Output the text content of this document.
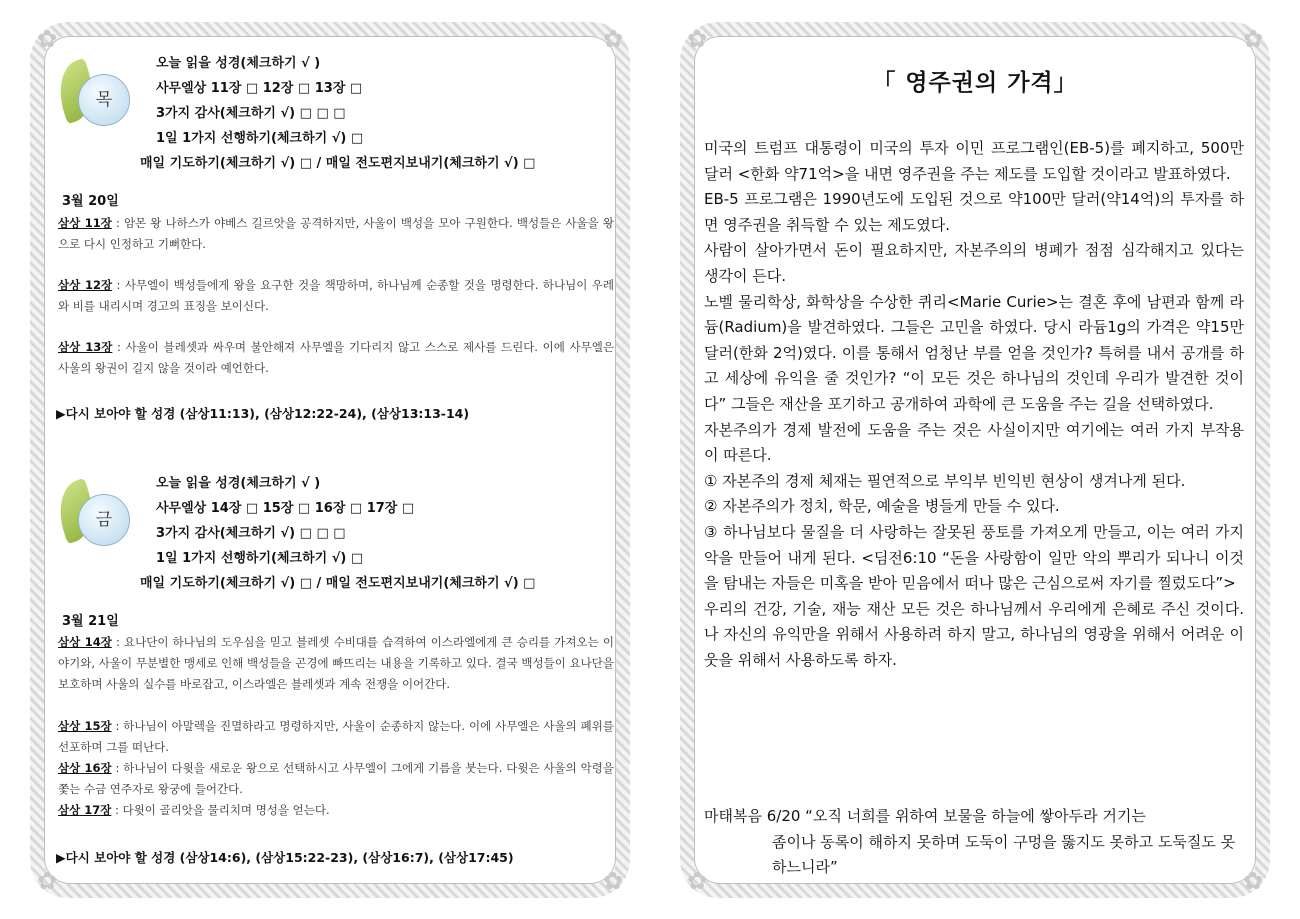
✿	✿
✿	✿
목
오늘 읽을 성경(체크하기 √ )
사무엘상 11장 □ 12장 □ 13장 □
3가지 감사(체크하기 √) □ □ □
1일 1가지 선행하기(체크하기 √) □
매일 기도하기(체크하기 √) □ / 매일 전도편지보내기(체크하기 √) □
3월 20일
삼상 11장 : 암몬 왕 나하스가 야베스 길르앗을 공격하지만, 사울이 백성을 모아 구원한다. 백성들은 사울을 왕으로 다시 인정하고 기뻐한다.
삼상 12장 : 사무엘이 백성들에게 왕을 요구한 것을 책망하며, 하나님께 순종할 것을 명령한다. 하나님이 우레와 비를 내리시며 경고의 표징을 보이신다.
삼상 13장 : 사울이 블레셋과 싸우며 불안해져 사무엘을 기다리지 않고 스스로 제사를 드린다. 이에 사무엘은 사울의 왕권이 길지 않을 것이라 예언한다.
▶다시 보아야 할 성경 (삼상11:13), (삼상12:22-24), (삼상13:13-14)
금
오늘 읽을 성경(체크하기 √ )
사무엘상 14장 □ 15장 □ 16장 □ 17장 □
3가지 감사(체크하기 √) □ □ □
1일 1가지 선행하기(체크하기 √) □
매일 기도하기(체크하기 √) □ / 매일 전도편지보내기(체크하기 √) □
3월 21일
삼상 14장 : 요나단이 하나님의 도우심을 믿고 블레셋 수비대를 습격하여 이스라엘에게 큰 승리를 가져오는 이야기와, 사울이 무분별한 맹세로 인해 백성들을 곤경에 빠뜨리는 내용을 기록하고 있다. 결국 백성들이 요나단을 보호하며 사울의 실수를 바로잡고, 이스라엘은 블레셋과 계속 전쟁을 이어간다.
삼상 15장 : 하나님이 아말렉을 진멸하라고 명령하지만, 사울이 순종하지 않는다. 이에 사무엘은 사울의 폐위를 선포하며 그를 떠난다.
삼상 16장 : 하나님이 다윗을 새로운 왕으로 선택하시고 사무엘이 그에게 기름을 붓는다. 다윗은 사울의 악령을 쫓는 수금 연주자로 왕궁에 들어간다.
삼상 17장 : 다윗이 골리앗을 물리치며 명성을 얻는다.
▶다시 보아야 할 성경 (삼상14:6), (삼상15:22-23), (삼상16:7), (삼상17:45)
✿	✿
✿	✿
「 영주권의 가격」

미국의 트럼프 대통령이 미국의 투자 이민 프로그램인(EB-5)를 폐지하고, 500만 달러 <한화 약71억>을 내면 영주권을 주는 제도를 도입할 것이라고 발표하였다.

EB-5 프로그램은 1990년도에 도입된 것으로 약100만 달러(약14억)의 투자를 하면 영주권을 취득할 수 있는 제도였다.

사람이 살아가면서 돈이 필요하지만, 자본주의의 병폐가 점점 심각해지고 있다는 생각이 든다.

노벨 물리학상, 화학상을 수상한 퀴리<Marie Curie>는 결혼 후에 남편과 함께 라듐(Radium)을 발견하였다. 그들은 고민을 하였다. 당시 라듐1g의 가격은 약15만달러(한화 2억)였다. 이를 통해서 엄청난 부를 얻을 것인가? 특허를 내서 공개를 하고 세상에 유익을 줄 것인가? “이 모든 것은 하나님의 것인데 우리가 발견한 것이다” 그들은 재산을 포기하고 공개하여 과학에 큰 도움을 주는 길을 선택하였다.

자본주의가 경제 발전에 도움을 주는 것은 사실이지만 여기에는 여러 가지 부작용이 따른다.

① 자본주의 경제 체재는 필연적으로 부익부 빈익빈 현상이 생겨나게 된다.

② 자본주의가 정치, 학문, 예술을 병들게 만들 수 있다.

③ 하나님보다 물질을 더 사랑하는 잘못된 풍토를 가져오게 만들고, 이는 여러 가지 악을 만들어 내게 된다. <딤전6:10 “돈을 사랑함이 일만 악의 뿌리가 되나니 이것을 탐내는 자들은 미혹을 받아 믿음에서 떠나 많은 근심으로써 자기를 찔렀도다”>

우리의 건강, 기술, 재능 재산 모든 것은 하나님께서 우리에게 은혜로 주신 것이다. 나 자신의 유익만을 위해서 사용하려 하지 말고, 하나님의 영광을 위해서 어려운 이웃을 위해서 사용하도록 하자.

마태복음 6/20 “오직 너희를 위하여 보물을 하늘에 쌓아두라 거기는
좀이나 동록이 해하지 못하며 도둑이 구멍을 뚫지도 못하고 도둑질도 못하느니라”
